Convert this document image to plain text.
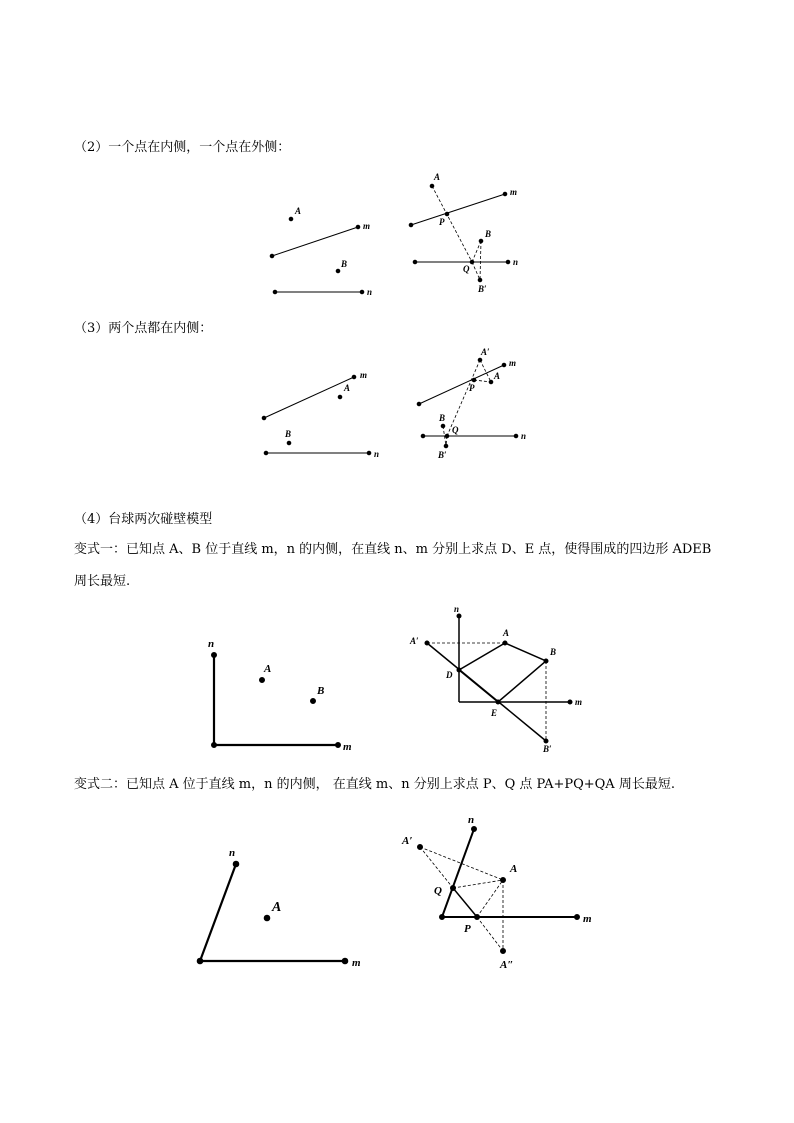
（2）一个点在内侧，一个点在外侧：
（3）两个点都在内侧：
（4）台球两次碰壁模型
变式一：已知点 A、B 位于直线 m，n 的内侧，在直线 n、m 分别上求点 D、E 点，使得围成的四边形 ADEB
周长最短.
变式二：已知点 A 位于直线 m，n 的内侧， 在直线 m、n 分别上求点 P、Q 点 PA+PQ+QA 周长最短.
A
B
m
n
A
P
Q
B
B′
m
n
A
B
m
n
A′
A
P
B
Q
B′
m
n
n
A
B
m
n
A′
A
B
D
E
m
B′
n
A
m
n
A′
A
Q
P
m
A″
